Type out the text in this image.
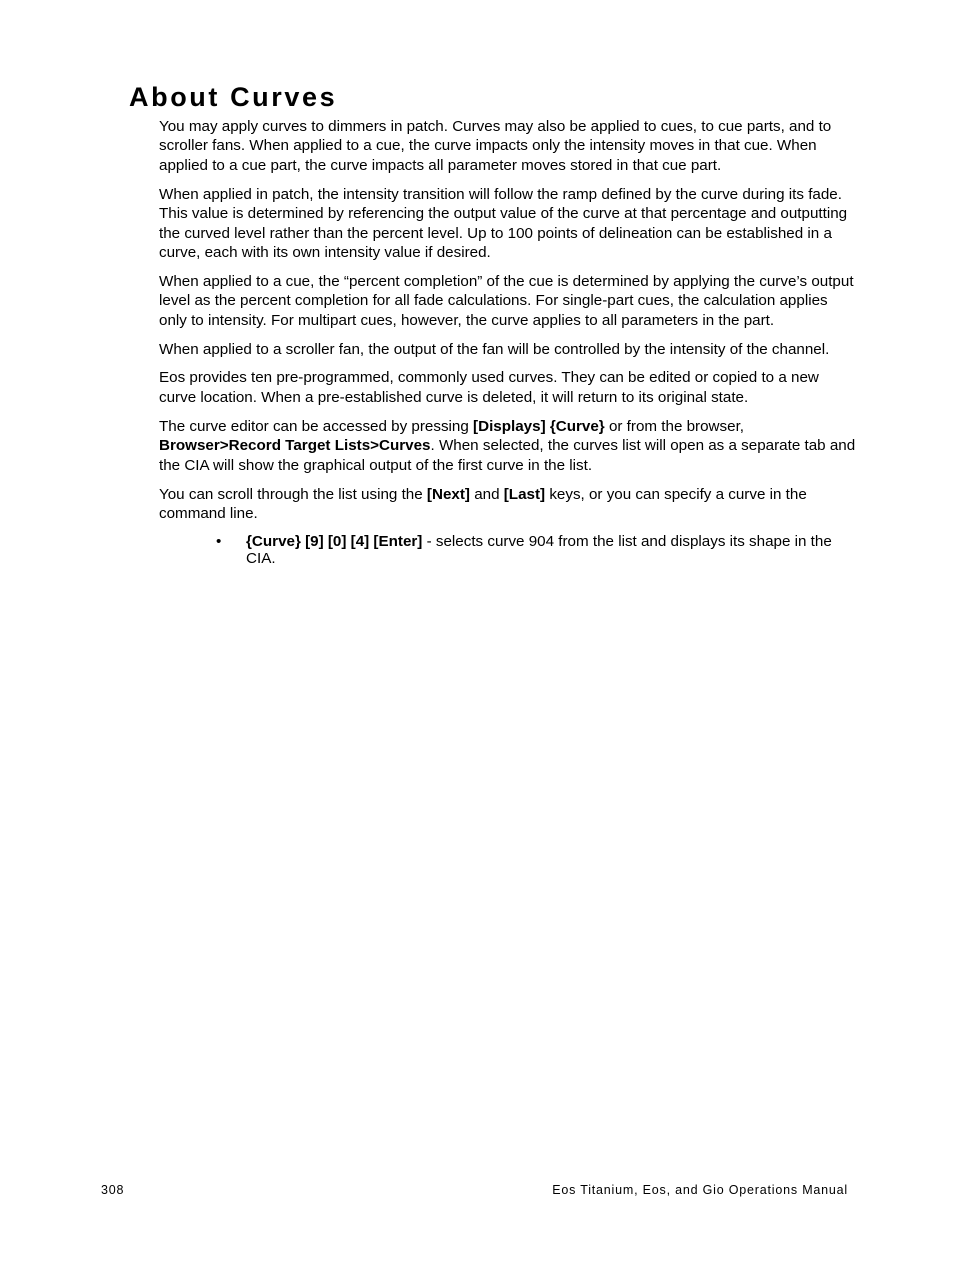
About Curves

You may apply curves to dimmers in patch. Curves may also be applied to cues, to cue parts, and to scroller fans. When applied to a cue, the curve impacts only the intensity moves in that cue. When applied to a cue part, the curve impacts all parameter moves stored in that cue part.

When applied in patch, the intensity transition will follow the ramp defined by the curve during its fade. This value is determined by referencing the output value of the curve at that percentage and outputting the curved level rather than the percent level. Up to 100 points of delineation can be established in a curve, each with its own intensity value if desired.

When applied to a cue, the “percent completion” of the cue is determined by applying the curve’s output level as the percent completion for all fade calculations. For single-part cues, the calculation applies only to intensity. For multipart cues, however, the curve applies to all parameters in the part.

When applied to a scroller fan, the output of the fan will be controlled by the intensity of the channel.

Eos provides ten pre-programmed, commonly used curves. They can be edited or copied to a new curve location. When a pre-established curve is deleted, it will return to its original state.

The curve editor can be accessed by pressing [Displays] {Curve} or from the browser, Browser>Record Target Lists>Curves. When selected, the curves list will open as a separate tab and the CIA will show the graphical output of the first curve in the list.

You can scroll through the list using the [Next] and [Last] keys, or you can specify a curve in the command line.

• {Curve} [9] [0] [4] [Enter] - selects curve 904 from the list and displays its shape in the CIA.
308	Eos Titanium, Eos, and Gio Operations Manual
